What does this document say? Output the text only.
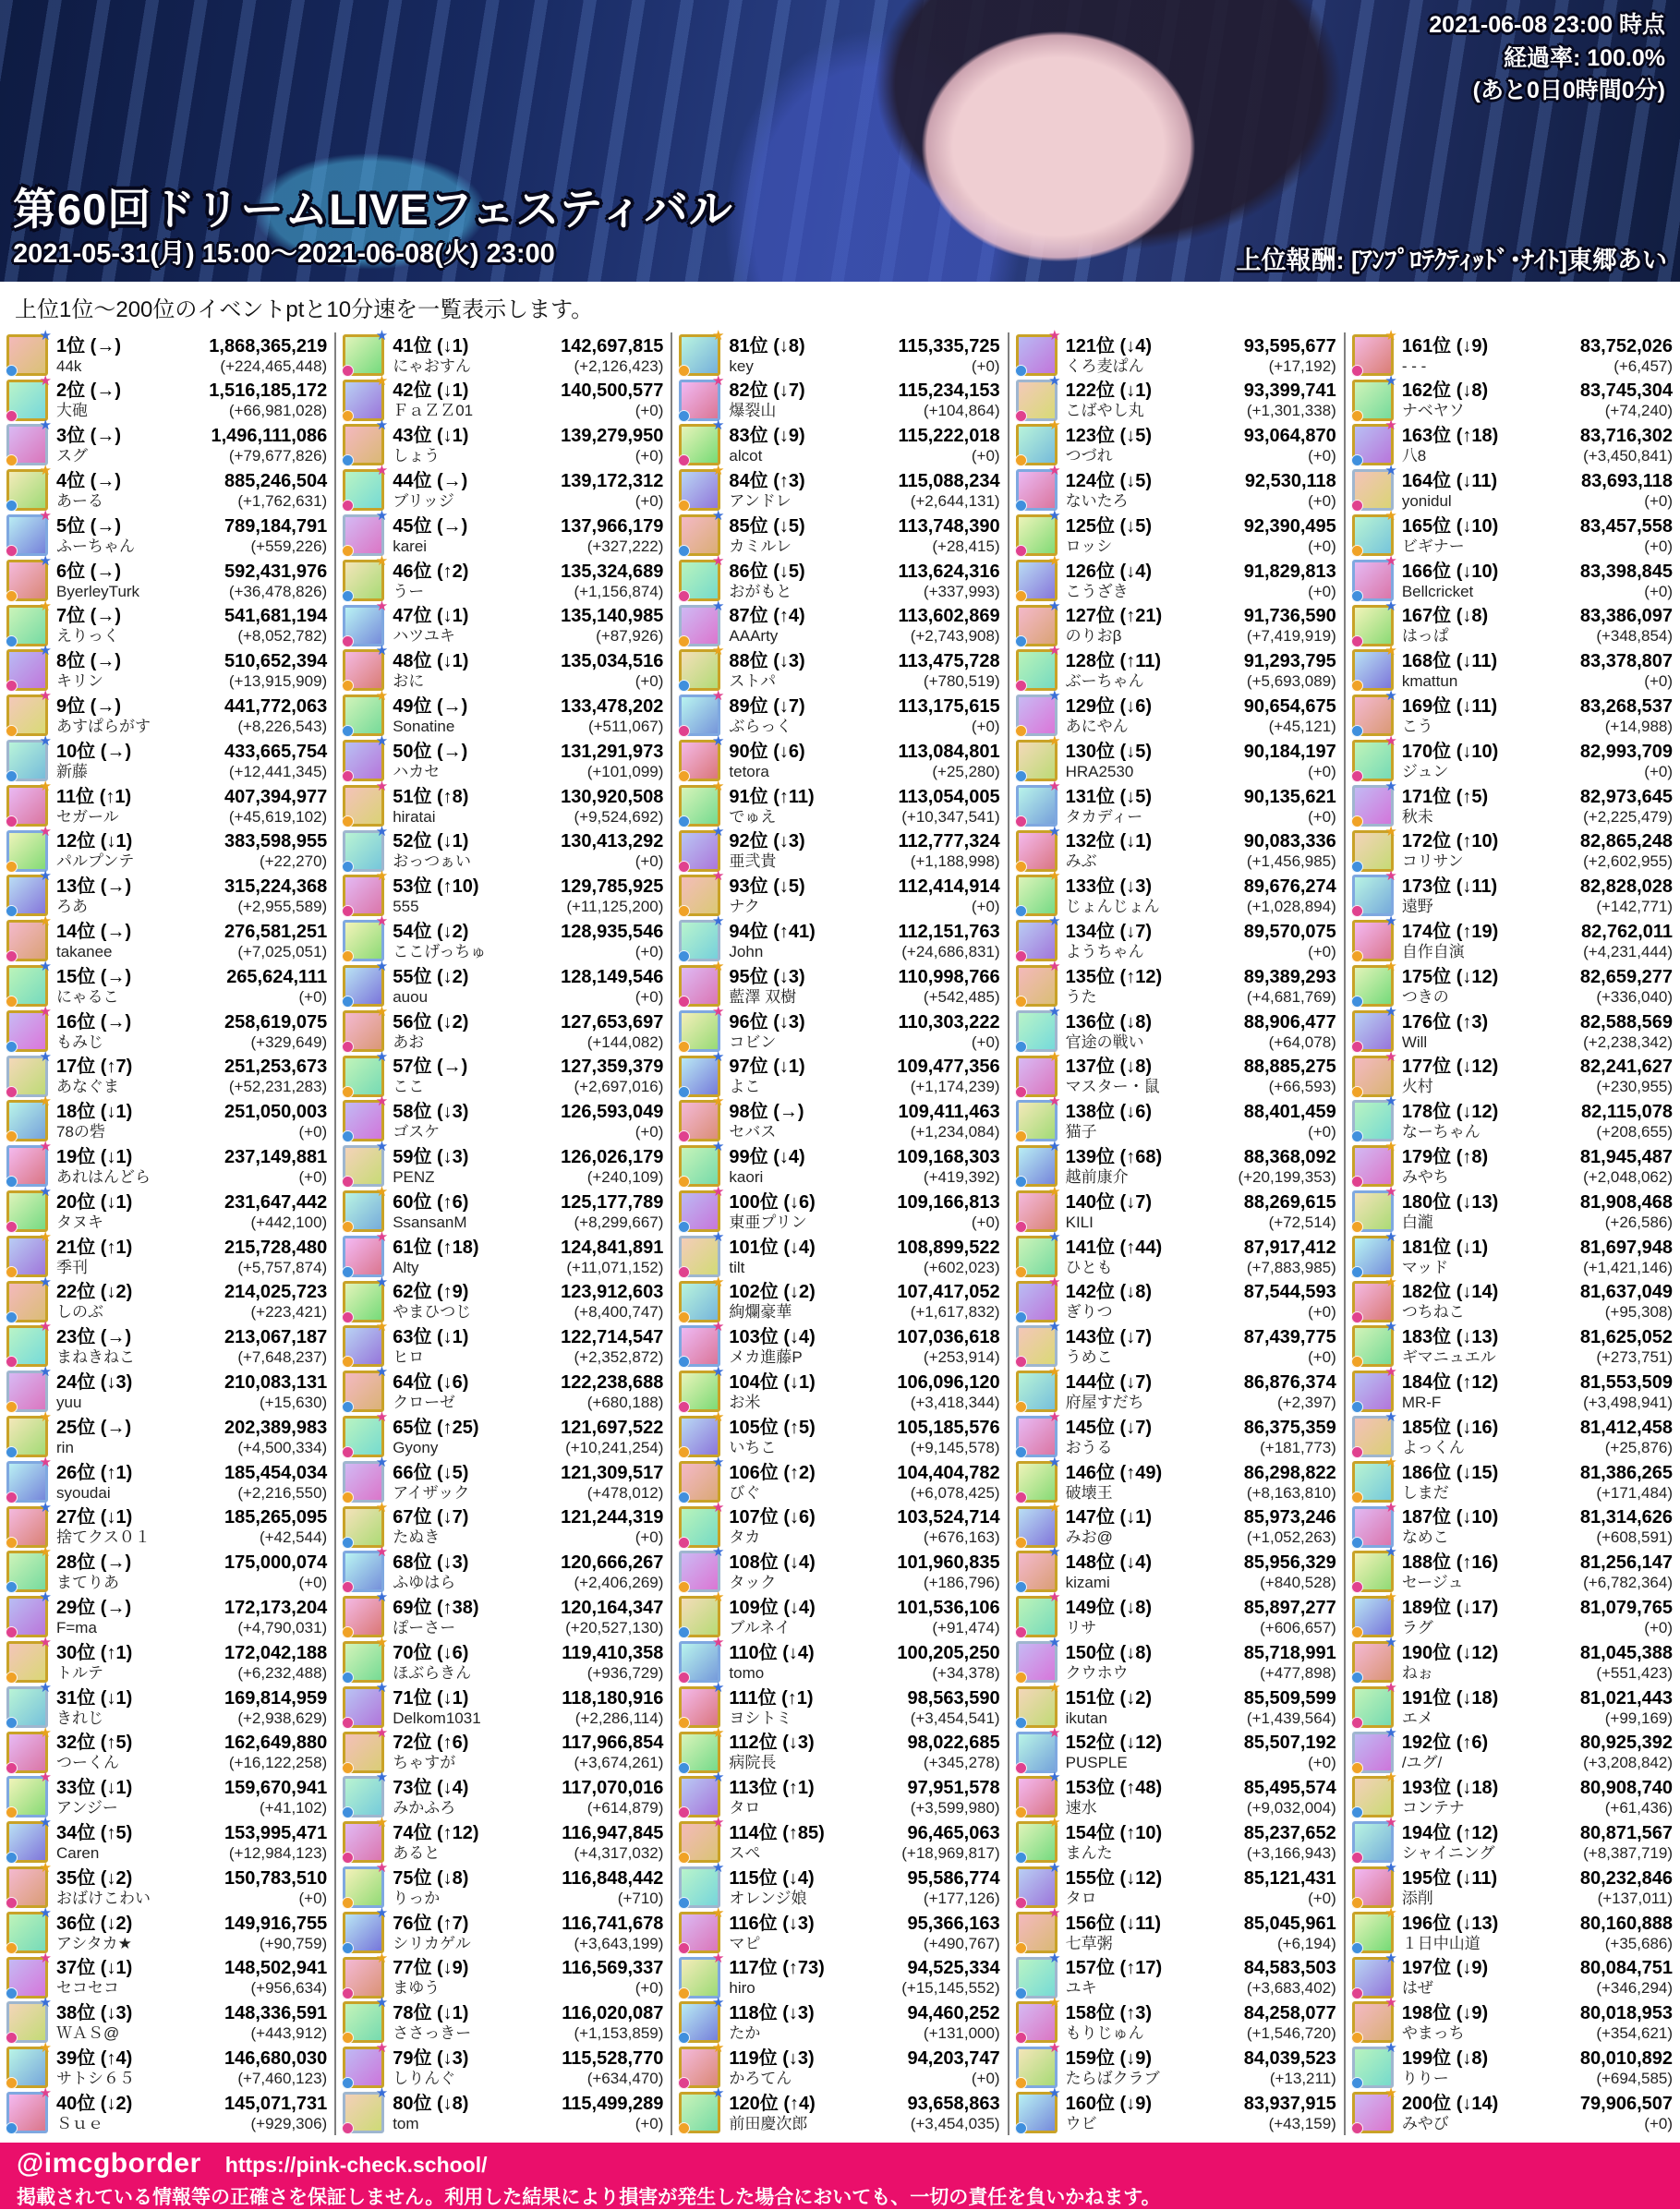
2021-06-08 23:00 時点
経過率: 100.0%
(あと0日0時間0分)
第60回ドリームLIVEフェスティバル
2021-05-31(月) 15:00～2021-06-08(火) 23:00	上位報酬: [ｱﾝﾌﾟﾛﾃｸﾃｨｯﾄﾞ･ﾅｲﾄ]東郷あい
上位1位～200位のイベントptと10分速を一覧表示します。
★
1位 (→)
44k
1,868,365,219
(+224,465,448)
★
2位 (→)
大砲
1,516,185,172
(+66,981,028)
★
3位 (→)
スグ
1,496,111,086
(+79,677,826)
★
4位 (→)
あーる
885,246,504
(+1,762,631)
★
5位 (→)
ふーちゃん
789,184,791
(+559,226)
★
6位 (→)
ByerleyTurk
592,431,976
(+36,478,826)
★
7位 (→)
えりっく
541,681,194
(+8,052,782)
★
8位 (→)
キリン
510,652,394
(+13,915,909)
★
9位 (→)
あすぱらがす
441,772,063
(+8,226,543)
★
10位 (→)
新藤
433,665,754
(+12,441,345)
★
11位 (↑1)
セガール
407,394,977
(+45,619,102)
★
12位 (↓1)
パルプンテ
383,598,955
(+22,270)
★
13位 (→)
ろあ
315,224,368
(+2,955,589)
★
14位 (→)
takanee
276,581,251
(+7,025,051)
★
15位 (→)
にゃるこ
265,624,111
(+0)
★
16位 (→)
もみじ
258,619,075
(+329,649)
★
17位 (↑7)
あなぐま
251,253,673
(+52,231,283)
★
18位 (↓1)
78の砦
251,050,003
(+0)
★
19位 (↓1)
あれはんどら
237,149,881
(+0)
★
20位 (↓1)
タヌキ
231,647,442
(+442,100)
★
21位 (↑1)
季刊
215,728,480
(+5,757,874)
★
22位 (↓2)
しのぶ
214,025,723
(+223,421)
★
23位 (→)
まねきねこ
213,067,187
(+7,648,237)
★
24位 (↓3)
yuu
210,083,131
(+15,630)
★
25位 (→)
rin
202,389,983
(+4,500,334)
★
26位 (↑1)
syoudai
185,454,034
(+2,216,550)
★
27位 (↓1)
捨てクス０１
185,265,095
(+42,544)
★
28位 (→)
まてりあ
175,000,074
(+0)
★
29位 (→)
F=ma
172,173,204
(+4,790,031)
★
30位 (↑1)
トルテ
172,042,188
(+6,232,488)
★
31位 (↓1)
きれじ
169,814,959
(+2,938,629)
★
32位 (↑5)
つーくん
162,649,880
(+16,122,258)
★
33位 (↓1)
アンジー
159,670,941
(+41,102)
★
34位 (↑5)
Caren
153,995,471
(+12,984,123)
★
35位 (↓2)
おばけこわい
150,783,510
(+0)
★
36位 (↓2)
アシタカ★
149,916,755
(+90,759)
★
37位 (↓1)
セコセコ
148,502,941
(+956,634)
★
38位 (↓3)
ＷＡＳ@
148,336,591
(+443,912)
★
39位 (↑4)
サトシ６５
146,680,030
(+7,460,123)
★
40位 (↓2)
Ｓｕｅ
145,071,731
(+929,306)
★
41位 (↓1)
にゃおすん
142,697,815
(+2,126,423)
★
42位 (↓1)
ＦａＺＺ01
140,500,577
(+0)
★
43位 (↓1)
しょう
139,279,950
(+0)
★
44位 (→)
ブリッジ
139,172,312
(+0)
★
45位 (→)
karei
137,966,179
(+327,222)
★
46位 (↑2)
うー
135,324,689
(+1,156,874)
★
47位 (↓1)
ハツユキ
135,140,985
(+87,926)
★
48位 (↓1)
おに
135,034,516
(+0)
★
49位 (→)
Sonatine
133,478,202
(+511,067)
★
50位 (→)
ハカセ
131,291,973
(+101,099)
★
51位 (↑8)
hiratai
130,920,508
(+9,524,692)
★
52位 (↓1)
おっつぁい
130,413,292
(+0)
★
53位 (↑10)
555
129,785,925
(+11,125,200)
★
54位 (↓2)
ここげっちゅ
128,935,546
(+0)
★
55位 (↓2)
auou
128,149,546
(+0)
★
56位 (↓2)
あお
127,653,697
(+144,082)
★
57位 (→)
ここ
127,359,379
(+2,697,016)
★
58位 (↓3)
ゴスケ
126,593,049
(+0)
★
59位 (↓3)
PENZ
126,026,179
(+240,109)
★
60位 (↑6)
SsansanM
125,177,789
(+8,299,667)
★
61位 (↑18)
Alty
124,841,891
(+11,071,152)
★
62位 (↑9)
やまひつじ
123,912,603
(+8,400,747)
★
63位 (↓1)
ヒロ
122,714,547
(+2,352,872)
★
64位 (↓6)
クローゼ
122,238,688
(+680,188)
★
65位 (↑25)
Gyony
121,697,522
(+10,241,254)
★
66位 (↓5)
アイザック
121,309,517
(+478,012)
★
67位 (↓7)
たぬき
121,244,319
(+0)
★
68位 (↓3)
ふゆはら
120,666,267
(+2,406,269)
★
69位 (↑38)
ぽーさー
120,164,347
(+20,527,130)
★
70位 (↓6)
ほぶらきん
119,410,358
(+936,729)
★
71位 (↓1)
Delkom1031
118,180,916
(+2,286,114)
★
72位 (↑6)
ちゃすが
117,966,854
(+3,674,261)
★
73位 (↓4)
みかふろ
117,070,016
(+614,879)
★
74位 (↑12)
あると
116,947,845
(+4,317,032)
★
75位 (↓8)
りっか
116,848,442
(+710)
★
76位 (↑7)
シリカゲル
116,741,678
(+3,643,199)
★
77位 (↓9)
まゆう
116,569,337
(+0)
★
78位 (↓1)
ささっきー
116,020,087
(+1,153,859)
★
79位 (↓3)
しりんぐ
115,528,770
(+634,470)
★
80位 (↓8)
tom
115,499,289
(+0)
★
81位 (↓8)
key
115,335,725
(+0)
★
82位 (↓7)
爆裂山
115,234,153
(+104,864)
★
83位 (↓9)
alcot
115,222,018
(+0)
★
84位 (↑3)
アンドレ
115,088,234
(+2,644,131)
★
85位 (↓5)
カミルレ
113,748,390
(+28,415)
★
86位 (↓5)
おがもと
113,624,316
(+337,993)
★
87位 (↑4)
AAArty
113,602,869
(+2,743,908)
★
88位 (↓3)
ストパ
113,475,728
(+780,519)
★
89位 (↓7)
ぶらっく
113,175,615
(+0)
★
90位 (↓6)
tetora
113,084,801
(+25,280)
★
91位 (↑11)
でゅえ
113,054,005
(+10,347,541)
★
92位 (↓3)
亜弐貴
112,777,324
(+1,188,998)
★
93位 (↓5)
ナク
112,414,914
(+0)
★
94位 (↑41)
John
112,151,763
(+24,686,831)
★
95位 (↓3)
藍澤 双樹
110,998,766
(+542,485)
★
96位 (↓3)
コビン
110,303,222
(+0)
★
97位 (↓1)
よこ
109,477,356
(+1,174,239)
★
98位 (→)
セバス
109,411,463
(+1,234,084)
★
99位 (↓4)
kaori
109,168,303
(+419,392)
★
100位 (↓6)
東亜プリン
109,166,813
(+0)
★
101位 (↓4)
tilt
108,899,522
(+602,023)
★
102位 (↓2)
絢爛豪華
107,417,052
(+1,617,832)
★
103位 (↓4)
メカ進藤P
107,036,618
(+253,914)
★
104位 (↓1)
お米
106,096,120
(+3,418,344)
★
105位 (↑5)
いちこ
105,185,576
(+9,145,578)
★
106位 (↑2)
びぐ
104,404,782
(+6,078,425)
★
107位 (↓6)
タカ
103,524,714
(+676,163)
★
108位 (↓4)
タック
101,960,835
(+186,796)
★
109位 (↓4)
ブルネイ
101,536,106
(+91,474)
★
110位 (↓4)
tomo
100,205,250
(+34,378)
★
111位 (↑1)
ヨシトミ
98,563,590
(+3,454,541)
★
112位 (↓3)
病院長
98,022,685
(+345,278)
★
113位 (↑1)
タロ
97,951,578
(+3,599,980)
★
114位 (↑85)
スペ
96,465,063
(+18,969,817)
★
115位 (↓4)
オレンジ娘
95,586,774
(+177,126)
★
116位 (↓3)
マピ
95,366,163
(+490,767)
★
117位 (↑73)
hiro
94,525,334
(+15,145,552)
★
118位 (↓3)
たか
94,460,252
(+131,000)
★
119位 (↓3)
かろてん
94,203,747
(+0)
★
120位 (↑4)
前田慶次郎
93,658,863
(+3,454,035)
★
121位 (↓4)
くろ麦ぱん
93,595,677
(+17,192)
★
122位 (↓1)
こばやし丸
93,399,741
(+1,301,338)
★
123位 (↓5)
つづれ
93,064,870
(+0)
★
124位 (↓5)
ないたろ
92,530,118
(+0)
★
125位 (↓5)
ロッシ
92,390,495
(+0)
★
126位 (↓4)
こうざき
91,829,813
(+0)
★
127位 (↑21)
のりおβ
91,736,590
(+7,419,919)
★
128位 (↑11)
ぶーちゃん
91,293,795
(+5,693,089)
★
129位 (↓6)
あにやん
90,654,675
(+45,121)
★
130位 (↓5)
HRA2530
90,184,197
(+0)
★
131位 (↓5)
タカディー
90,135,621
(+0)
★
132位 (↓1)
みぶ
90,083,336
(+1,456,985)
★
133位 (↓3)
じょんじょん
89,676,274
(+1,028,894)
★
134位 (↓7)
ようちゃん
89,570,075
(+0)
★
135位 (↑12)
うた
89,389,293
(+4,681,769)
★
136位 (↓8)
官途の戦い
88,906,477
(+64,078)
★
137位 (↓8)
マスター・鼠
88,885,275
(+66,593)
★
138位 (↓6)
猫子
88,401,459
(+0)
★
139位 (↑68)
越前康介
88,368,092
(+20,199,353)
★
140位 (↓7)
KILI
88,269,615
(+72,514)
★
141位 (↑44)
ひとも
87,917,412
(+7,883,985)
★
142位 (↓8)
ぎりつ
87,544,593
(+0)
★
143位 (↓7)
うめこ
87,439,775
(+0)
★
144位 (↓7)
府屋すだち
86,876,374
(+2,397)
★
145位 (↓7)
おうる
86,375,359
(+181,773)
★
146位 (↑49)
破壊王
86,298,822
(+8,163,810)
★
147位 (↓1)
みお@
85,973,246
(+1,052,263)
★
148位 (↓4)
kizami
85,956,329
(+840,528)
★
149位 (↓8)
リサ
85,897,277
(+606,657)
★
150位 (↓8)
クウホウ
85,718,991
(+477,898)
★
151位 (↓2)
ikutan
85,509,599
(+1,439,564)
★
152位 (↓12)
PUSPLE
85,507,192
(+0)
★
153位 (↑48)
速水
85,495,574
(+9,032,004)
★
154位 (↑10)
まんた
85,237,652
(+3,166,943)
★
155位 (↓12)
タロ
85,121,431
(+0)
★
156位 (↓11)
七草粥
85,045,961
(+6,194)
★
157位 (↑17)
ユキ
84,583,503
(+3,683,402)
★
158位 (↑3)
もりじゅん
84,258,077
(+1,546,720)
★
159位 (↓9)
たらばクラブ
84,039,523
(+13,211)
★
160位 (↓9)
ウビ
83,937,915
(+43,159)
★
161位 (↓9)
- - -
83,752,026
(+6,457)
★
162位 (↓8)
ナベヤソ
83,745,304
(+74,240)
★
163位 (↑18)
八8
83,716,302
(+3,450,841)
★
164位 (↓11)
yonidul
83,693,118
(+0)
★
165位 (↓10)
ビギナー
83,457,558
(+0)
★
166位 (↓10)
Bellcricket
83,398,845
(+0)
★
167位 (↓8)
はっぱ
83,386,097
(+348,854)
★
168位 (↓11)
kmattun
83,378,807
(+0)
★
169位 (↓11)
こう
83,268,537
(+14,988)
★
170位 (↓10)
ジュン
82,993,709
(+0)
★
171位 (↑5)
秋未
82,973,645
(+2,225,479)
★
172位 (↑10)
コリサン
82,865,248
(+2,602,955)
★
173位 (↓11)
遠野
82,828,028
(+142,771)
★
174位 (↑19)
自作自演
82,762,011
(+4,231,444)
★
175位 (↓12)
つきの
82,659,277
(+336,040)
★
176位 (↑3)
Will
82,588,569
(+2,238,342)
★
177位 (↓12)
火村
82,241,627
(+230,955)
★
178位 (↓12)
なーちゃん
82,115,078
(+208,655)
★
179位 (↑8)
みやち
81,945,487
(+2,048,062)
★
180位 (↓13)
白瀧
81,908,468
(+26,586)
★
181位 (↓1)
マッド
81,697,948
(+1,421,146)
★
182位 (↓14)
つちねこ
81,637,049
(+95,308)
★
183位 (↓13)
ギマニュエル
81,625,052
(+273,751)
★
184位 (↑12)
MR-F
81,553,509
(+3,498,941)
★
185位 (↓16)
よっくん
81,412,458
(+25,876)
★
186位 (↓15)
しまだ
81,386,265
(+171,484)
★
187位 (↓10)
なめこ
81,314,626
(+608,591)
★
188位 (↑16)
セージュ
81,256,147
(+6,782,364)
★
189位 (↓17)
ラグ
81,079,765
(+0)
★
190位 (↓12)
ねぉ
81,045,388
(+551,423)
★
191位 (↓18)
エメ
81,021,443
(+99,169)
★
192位 (↑6)
/ユグ/
80,925,392
(+3,208,842)
★
193位 (↓18)
コンテナ
80,908,740
(+61,436)
★
194位 (↑12)
シャイニング
80,871,567
(+8,387,719)
★
195位 (↓11)
添削
80,232,846
(+137,011)
★
196位 (↓13)
１日中山道
80,160,888
(+35,686)
★
197位 (↓9)
はぜ
80,084,751
(+346,294)
★
198位 (↓9)
やまっち
80,018,953
(+354,621)
★
199位 (↓8)
りりー
80,010,892
(+694,585)
★
200位 (↓14)
みやび
79,906,507
(+0)
@imcgborder https://pink-check.school/
掲載されている情報等の正確さを保証しません。利用した結果により損害が発生した場合においても、一切の責任を負いかねます。
